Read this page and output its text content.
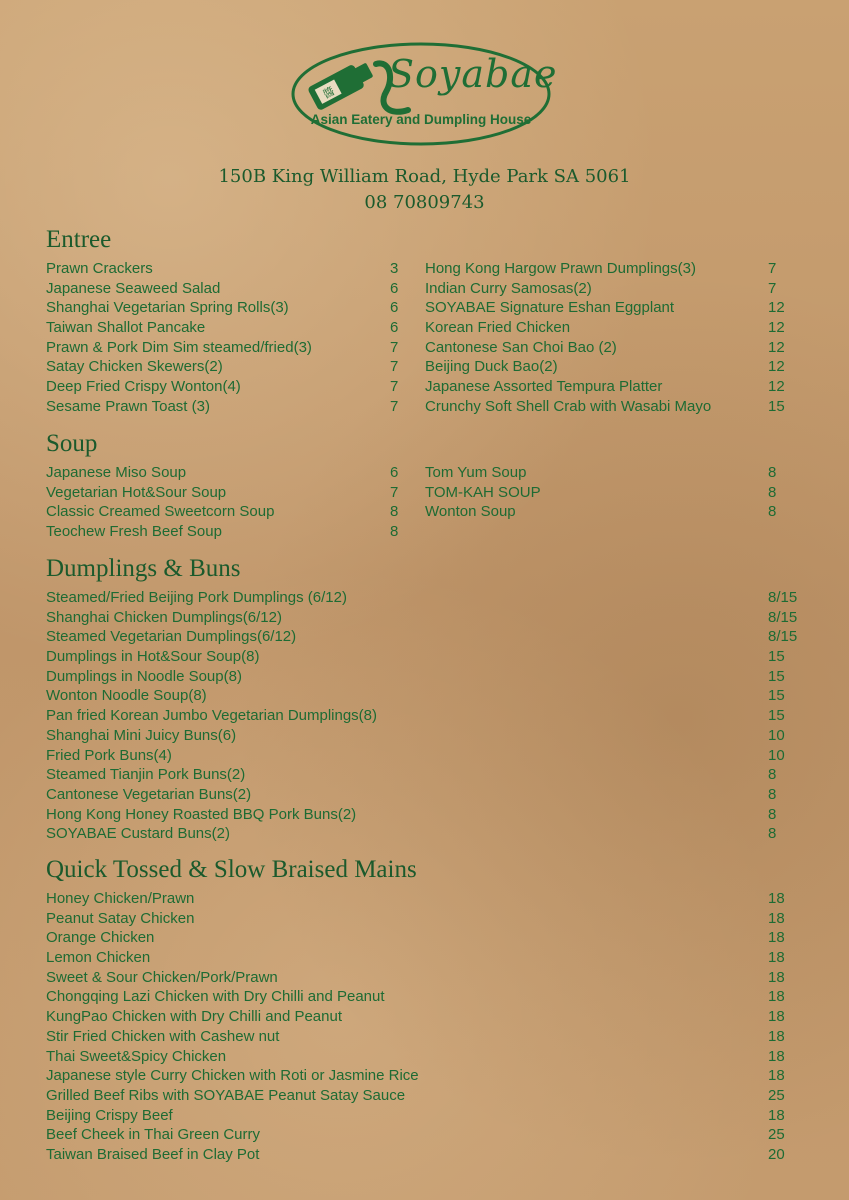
醬 Soyabae
Asian Eatery and Dumpling House
150B King William Road, Hyde Park SA 5061
08 70809743
Entree
Prawn Crackers	3
Japanese Seaweed Salad	6
Shanghai Vegetarian Spring Rolls(3)	6
Taiwan Shallot Pancake	6
Prawn & Pork Dim Sim steamed/fried(3)	7
Satay Chicken Skewers(2)	7
Deep Fried Crispy Wonton(4)	7
Sesame Prawn Toast (3)	7
Hong Kong Hargow Prawn Dumplings(3)	7
Indian Curry Samosas(2)	7
SOYABAE Signature Eshan Eggplant	12
Korean Fried Chicken	12
Cantonese San Choi Bao (2)	12
Beijing Duck Bao(2)	12
Japanese Assorted Tempura Platter	12
Crunchy Soft Shell Crab with Wasabi Mayo	15
Soup
Japanese Miso Soup	6
Vegetarian Hot&Sour Soup	7
Classic Creamed Sweetcorn Soup	8
Teochew Fresh Beef Soup	8
Tom Yum Soup	8
TOM-KAH SOUP	8
Wonton Soup	8
Dumplings & Buns
Steamed/Fried Beijing Pork Dumplings (6/12)	8/15
Shanghai Chicken Dumplings(6/12)	8/15
Steamed Vegetarian Dumplings(6/12)	8/15
Dumplings in Hot&Sour Soup(8)	15
Dumplings in Noodle Soup(8)	15
Wonton Noodle Soup(8)	15
Pan fried Korean Jumbo Vegetarian Dumplings(8)	15
Shanghai Mini Juicy Buns(6)	10
Fried Pork Buns(4)	10
Steamed Tianjin Pork Buns(2)	8
Cantonese Vegetarian Buns(2)	8
Hong Kong Honey Roasted BBQ Pork Buns(2)	8
SOYABAE Custard Buns(2)	8
Quick Tossed & Slow Braised Mains
Honey Chicken/Prawn	18
Peanut Satay Chicken	18
Orange Chicken	18
Lemon Chicken	18
Sweet & Sour Chicken/Pork/Prawn	18
Chongqing Lazi Chicken with Dry Chilli and Peanut	18
KungPao Chicken with Dry Chilli and Peanut	18
Stir Fried Chicken with Cashew nut	18
Thai Sweet&Spicy Chicken	18
Japanese style Curry Chicken with Roti or Jasmine Rice	18
Grilled Beef Ribs with SOYABAE Peanut Satay Sauce	25
Beijing Crispy Beef	18
Beef Cheek in Thai Green Curry	25
Taiwan Braised Beef in Clay Pot	20
